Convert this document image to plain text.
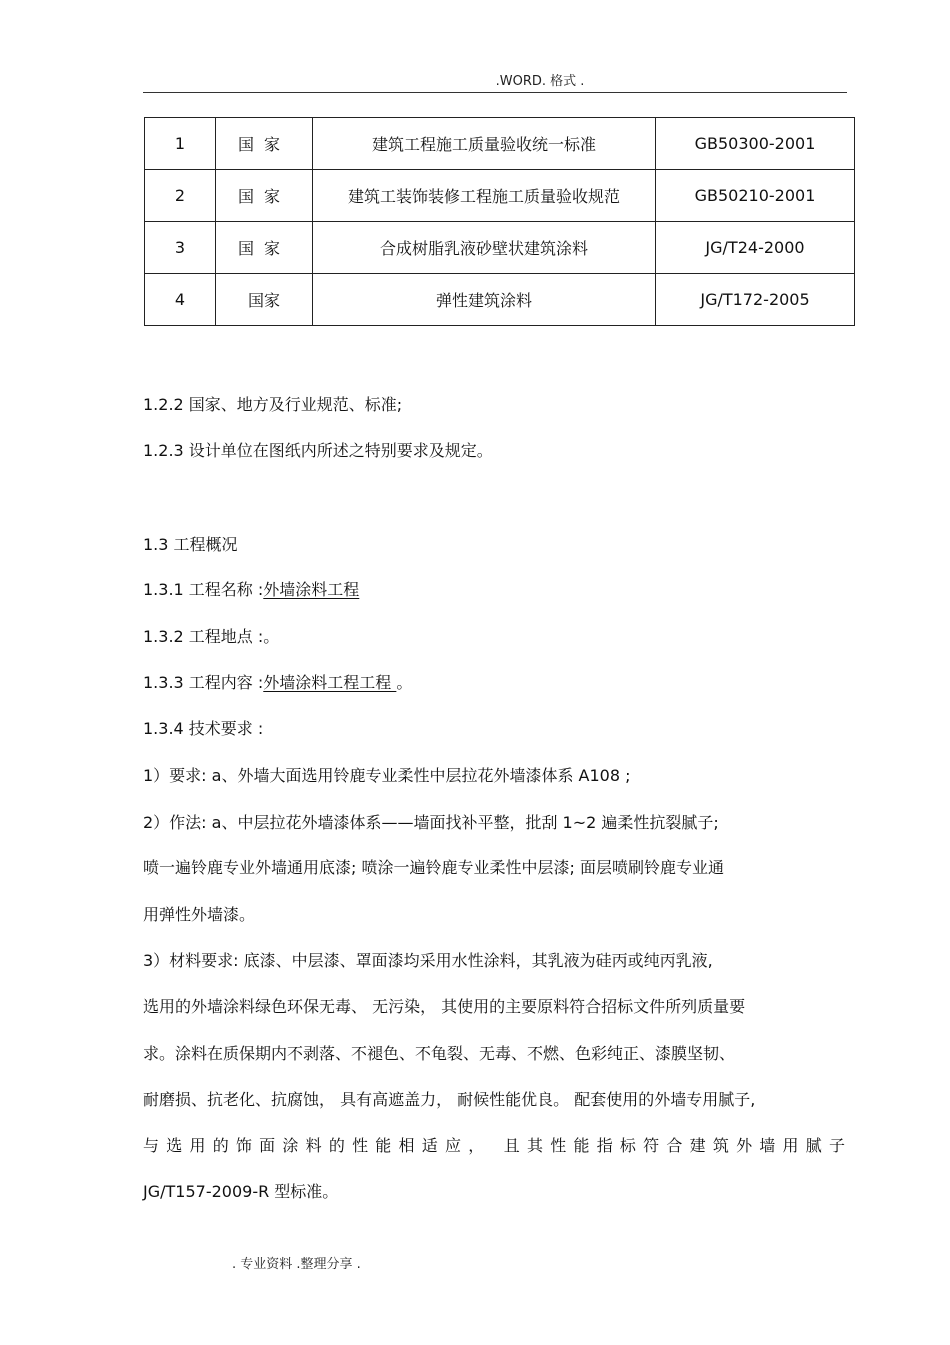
.WORD. 格式 .
1	国家	建筑工程施工质量验收统一标准	GB50300-2001
2	国家	建筑工装饰装修工程施工质量验收规范	GB50210-2001
3	国家	合成树脂乳液砂壁状建筑涂料	JG/T24-2000
4	国家	弹性建筑涂料	JG/T172-2005
1.2.2 国家、地方及行业规范、标准;
1.2.3 设计单位在图纸内所述之特别要求及规定。
1.3 工程概况
1.3.1 工程名称 :外墙涂料工程
1.3.2 工程地点 :。
1.3.3 工程内容 :外墙涂料工程工程 。
1.3.4 技术要求 :
1）要求: a、外墙大面选用铃鹿专业柔性中层拉花外墙漆体系 A108 ;
2）作法: a、中层拉花外墙漆体系——墙面找补平整，批刮 1~2 遍柔性抗裂腻子;
喷一遍铃鹿专业外墙通用底漆; 喷涂一遍铃鹿专业柔性中层漆; 面层喷刷铃鹿专业通
用弹性外墙漆。
3）材料要求: 底漆、中层漆、罩面漆均采用水性涂料，其乳液为硅丙或纯丙乳液,
选用的外墙涂料绿色环保无毒、 无污染， 其使用的主要原料符合招标文件所列质量要
求。涂料在质保期内不剥落、不褪色、不龟裂、无毒、不燃、色彩纯正、漆膜坚韧、
耐磨损、抗老化、抗腐蚀， 具有高遮盖力， 耐候性能优良。 配套使用的外墙专用腻子,
与选用的饰面涂料的性能相适应， 且其性能指标符合建筑外墙用腻子
JG/T157-2009-R 型标准。
. 专业资料 .整理分享 .
